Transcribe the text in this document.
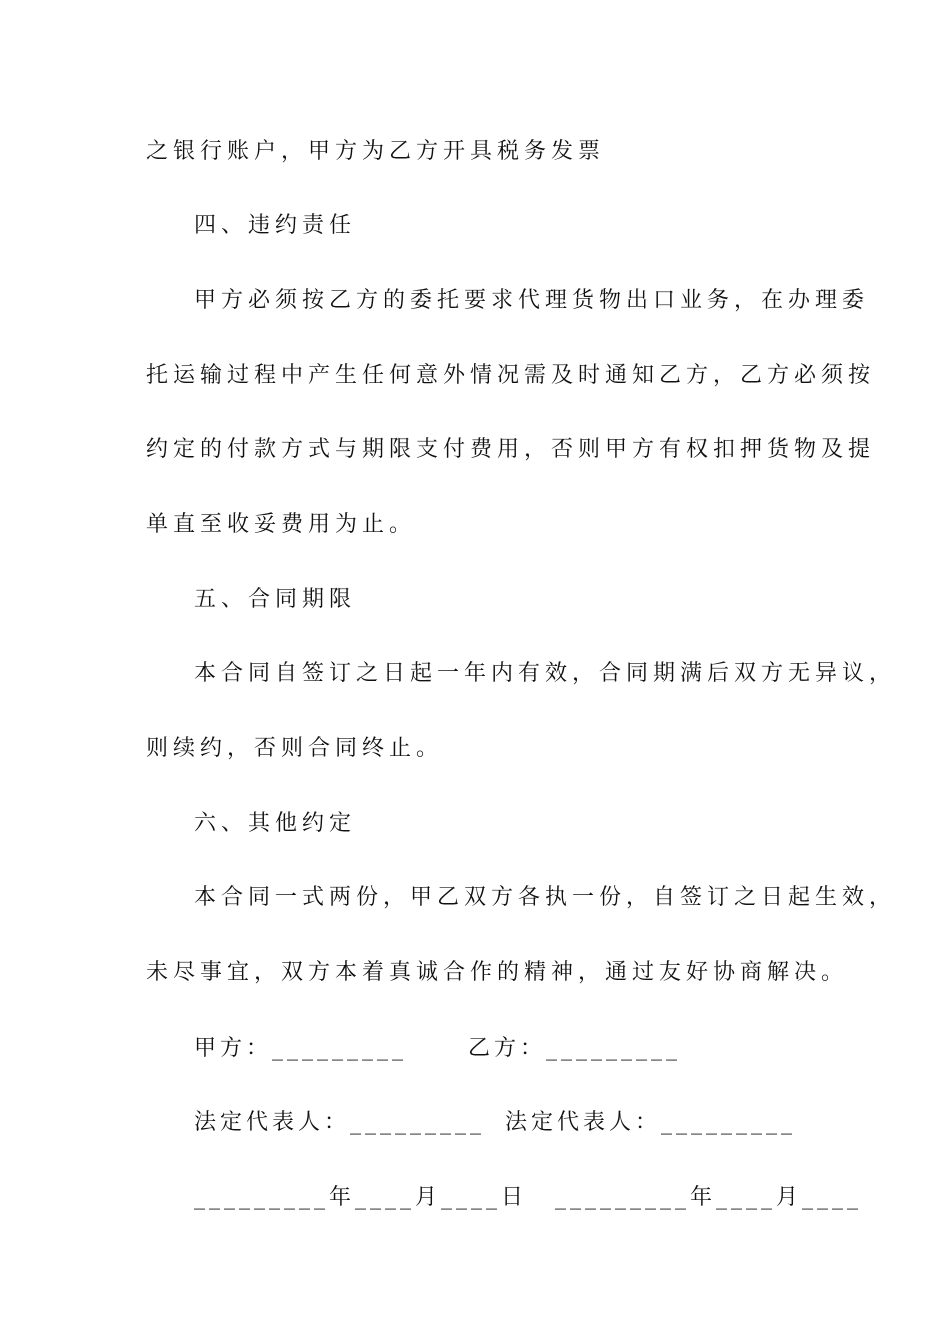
之银行账户，甲方为乙方开具税务发票
四、违约责任
甲方必须按乙方的委托要求代理货物出口业务，在办理委
托运输过程中产生任何意外情况需及时通知乙方，乙方必须按
约定的付款方式与期限支付费用，否则甲方有权扣押货物及提
单直至收妥费用为止。
五、合同期限
本合同自签订之日起一年内有效，合同期满后双方无异议，
则续约，否则合同终止。
六、其他约定
本合同一式两份，甲乙双方各执一份，自签订之日起生效，
未尽事宜，双方本着真诚合作的精神，通过友好协商解决。
甲方：_________	乙方：_________
法定代表人：_________ 法定代表人：_________
_________年____月____日 _________年____月____
